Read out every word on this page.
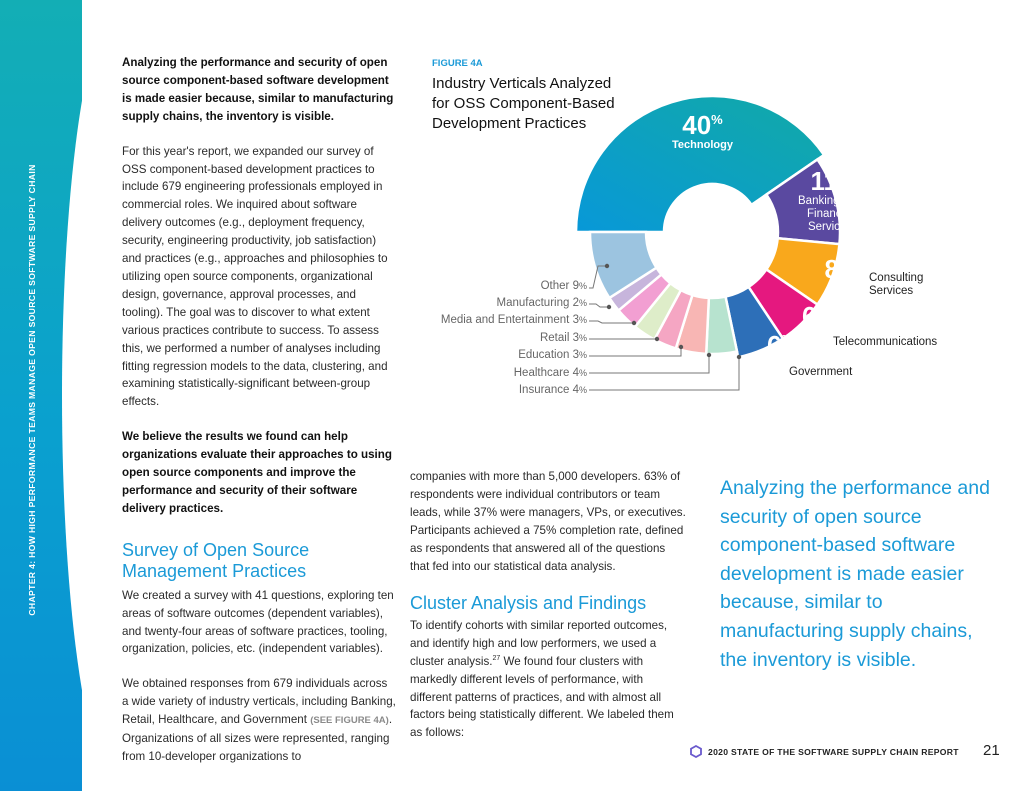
CHAPTER 4: HOW HIGH PERFORMANCE TEAMS MANAGE OPEN SOURCE SOFTWARE SUPPLY CHAIN

Analyzing the performance and security of open source component-based software development is made easier because, similar to manufacturing supply chains, the inventory is visible.

For this year's report, we expanded our survey of OSS component-based development practices to include 679 engineering professionals employed in commercial roles. We inquired about software delivery outcomes (e.g., deployment frequency, security, engineering productivity, job satisfaction) and practices (e.g., approaches and philosophies to utilizing open source components, organizational design, governance, approval processes, and tooling). The goal was to discover to what extent various practices contribute to success. To assess this, we performed a number of analyses including fitting regression models to the data, clustering, and examining statistically-significant between-group effects.

We believe the results we found can help organizations evaluate their approaches to using open source components and improve the performance and security of their software delivery practices.

Survey of Open Source Management Practices

We created a survey with 41 questions, exploring ten areas of software outcomes (dependent variables), and twenty-four areas of software practices, tooling, organization, policies, etc. (independent variables).

We obtained responses from 679 individuals across a wide variety of industry verticals, including Banking, Retail, Healthcare, and Government (SEE FIGURE 4A). Organizations of all sizes were represented, ranging from 10-developer organizations to

companies with more than 5,000 developers. 63% of respondents were individual contributors or team leads, while 37% were managers, VPs, or executives. Participants achieved a 75% completion rate, defined as respondents that answered all of the questions that fed into our statistical data analysis.

Cluster Analysis and Findings

To identify cohorts with similar reported outcomes, and identify high and low performers, we used a cluster analysis.$^{27}$ We found four clusters with markedly different levels of performance, with different patterns of practices, and with almost all factors being statistically different. We labeled them as follows:

Analyzing the performance and security of open source component-based software development is made easier because, similar to manufacturing supply chains, the inventory is visible.
FIGURE 4A
Industry Verticals Analyzed for OSS Component-Based Development Practices	40%
Technology
11%
Banking and Financial Services
8%
6%
6%
Consulting Services
Telecommunications
Government
Other 9%
Manufacturing 2%
Media and Entertainment 3%
Retail 3%
Education 3%
Healthcare 4%
Insurance 4%
2020 STATE OF THE SOFTWARE SUPPLY CHAIN REPORT 21
